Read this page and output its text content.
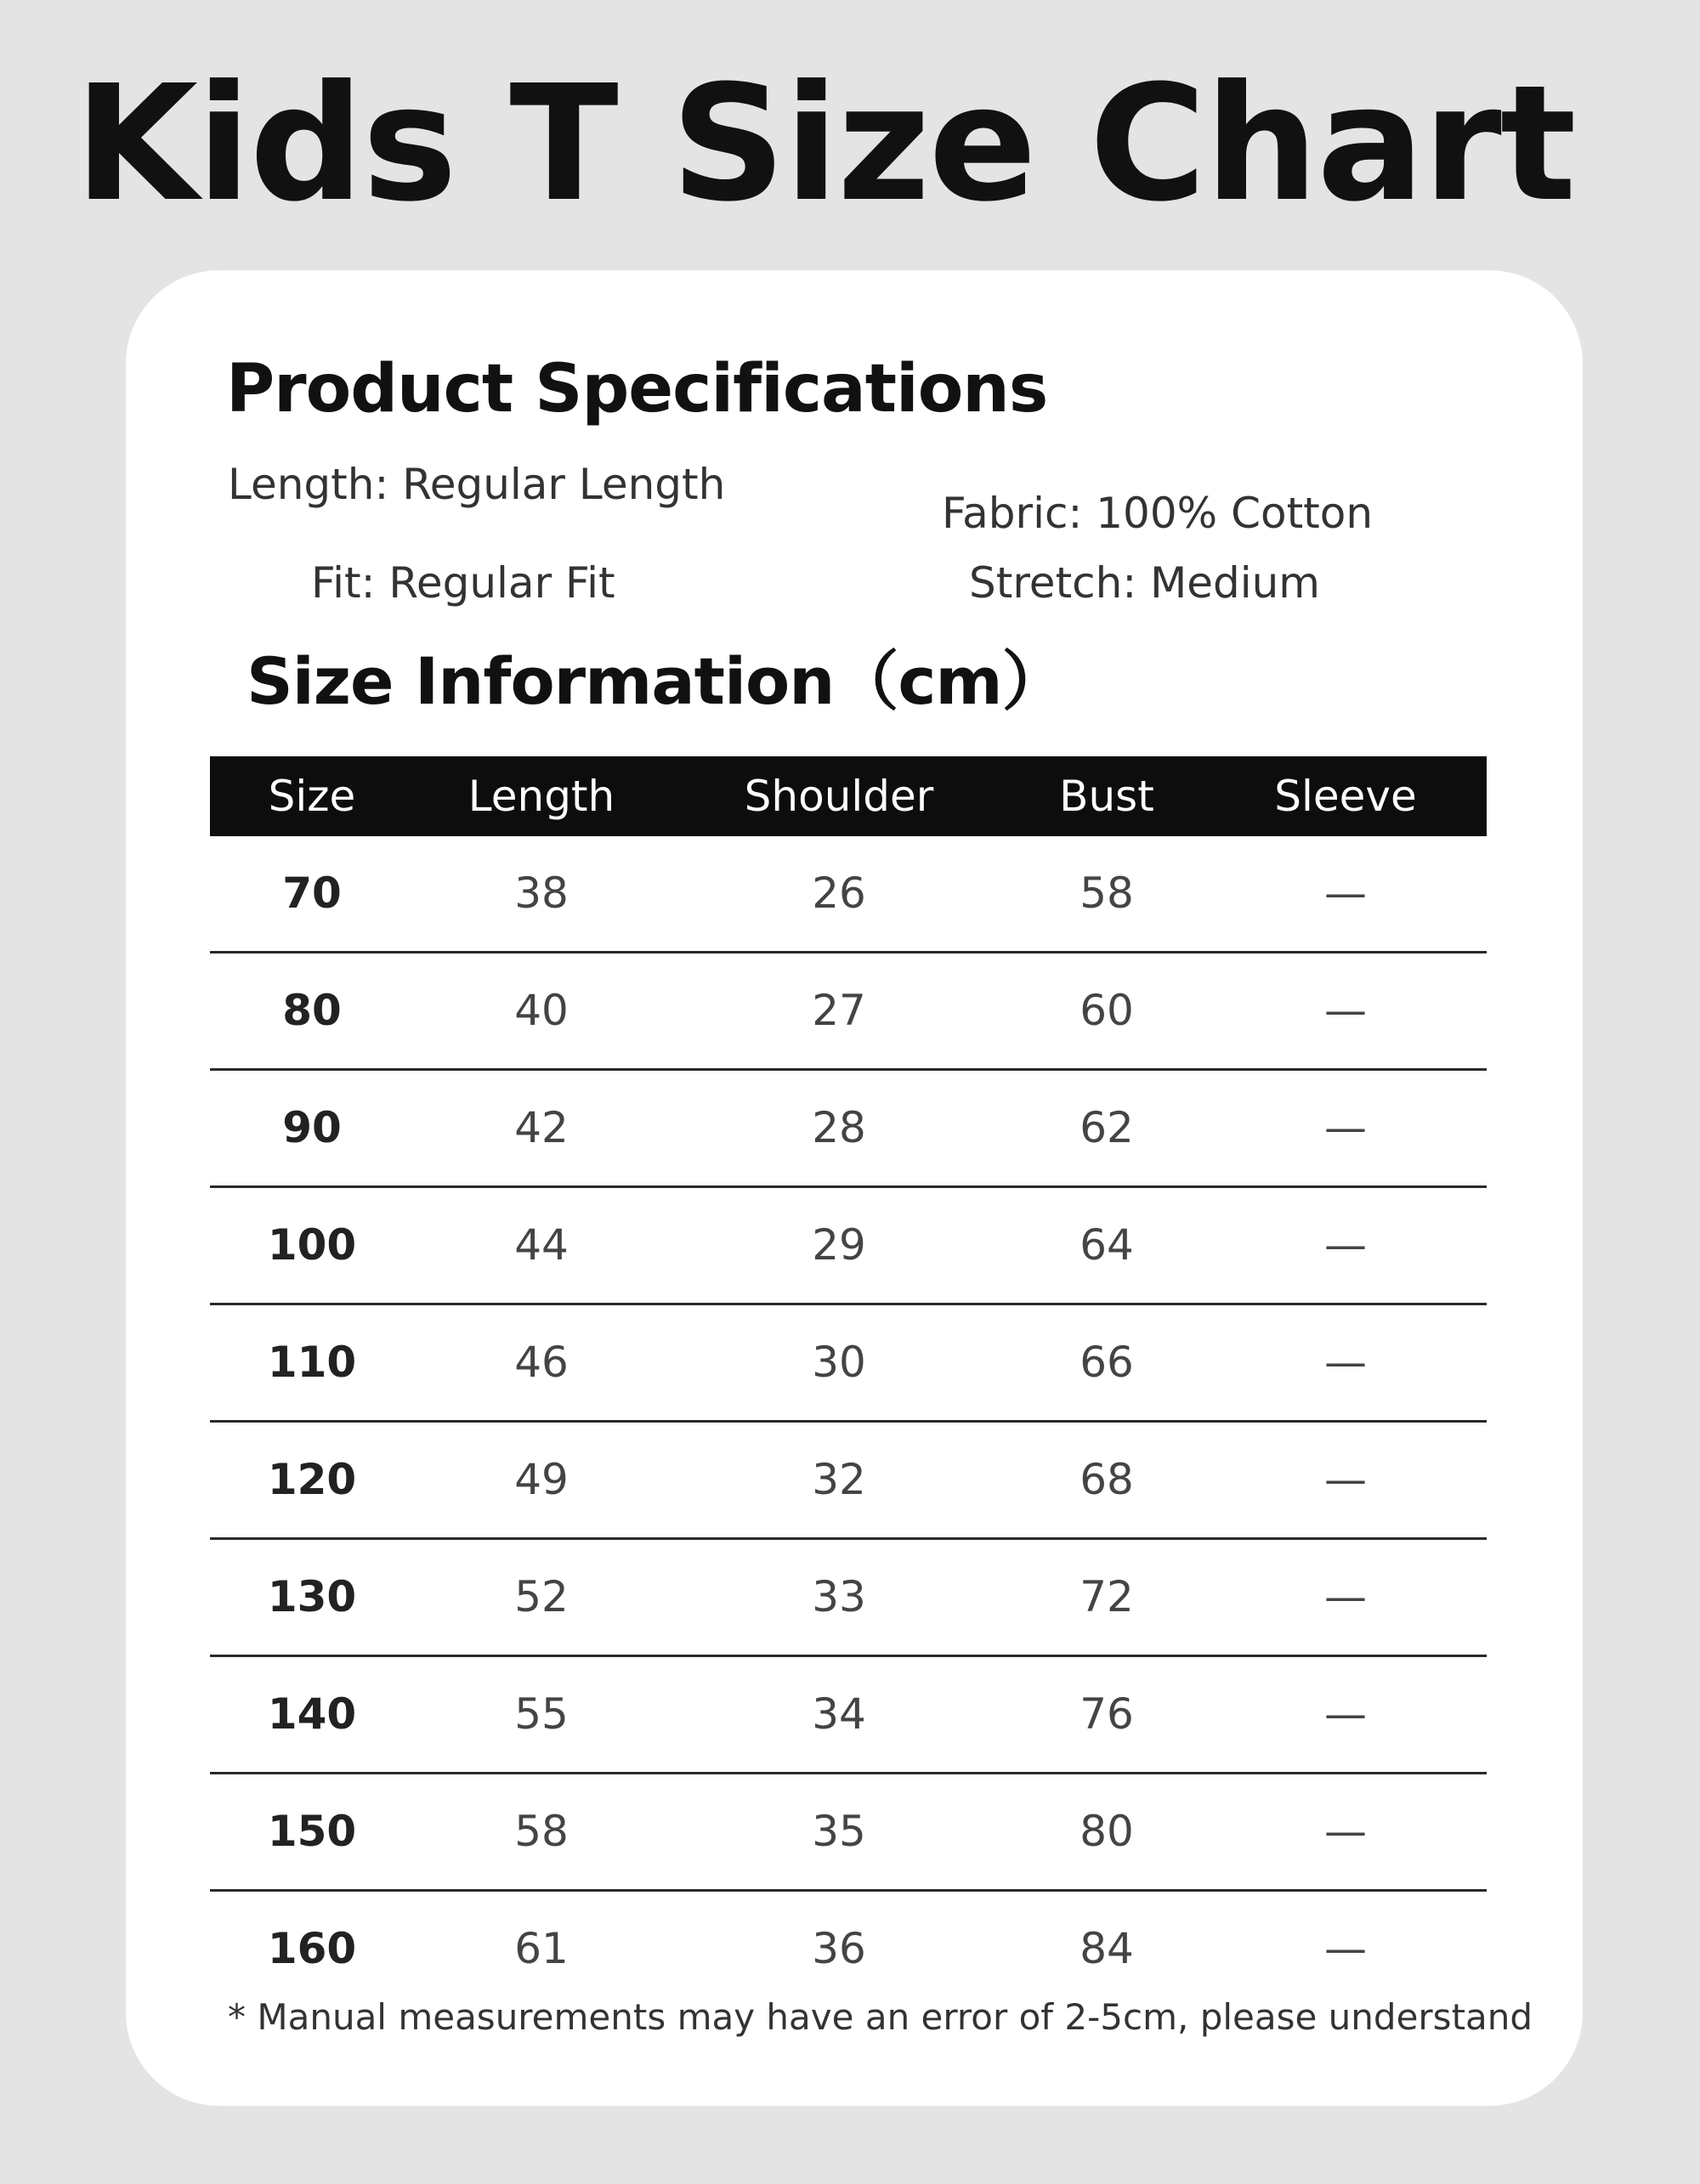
Kids T Size Chart
Product Specifications
Length: Regular Length
Fit: Regular Fit
Fabric: 100% Cotton
Stretch: Medium
Size Information（cm）
Size	Length	Shoulder	Bust	Sleeve
70	38	26	58	—
80	40	27	60	—
90	42	28	62	—
100	44	29	64	—
110	46	30	66	—
120	49	32	68	—
130	52	33	72	—
140	55	34	76	—
150	58	35	80	—
160	61	36	84	—
* Manual measurements may have an error of 2-5cm, please understand
